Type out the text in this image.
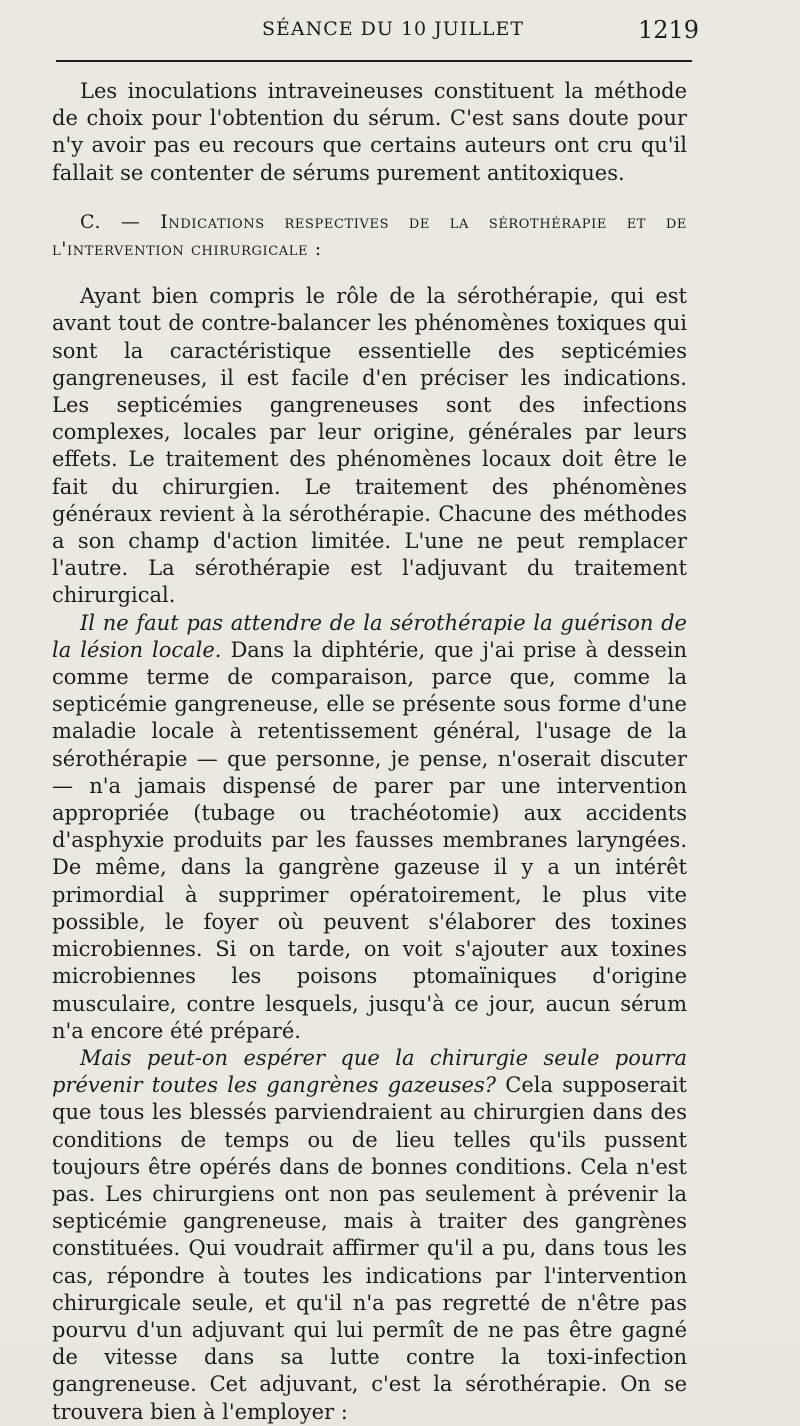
SÉANCE DU 10 JUILLET	1219

Les inoculations intraveineuses constituent la méthode de choix pour l'obtention du sérum. C'est sans doute pour n'y avoir pas eu recours que certains auteurs ont cru qu'il fallait se contenter de sérums purement antitoxiques.

C. — Indications respectives de la sérothérapie et de l'intervention chirurgicale :

Ayant bien compris le rôle de la sérothérapie, qui est avant tout de contre-balancer les phénomènes toxiques qui sont la caractéristique essentielle des septicémies gangreneuses, il est facile d'en préciser les indications. Les septicémies gangreneuses sont des infections complexes, locales par leur origine, générales par leurs effets. Le traitement des phénomènes locaux doit être le fait du chirurgien. Le traitement des phénomènes généraux revient à la sérothérapie. Chacune des méthodes a son champ d'action limitée. L'une ne peut remplacer l'autre. La sérothérapie est l'adjuvant du traitement chirurgical.

Il ne faut pas attendre de la sérothérapie la guérison de la lésion locale. Dans la diphtérie, que j'ai prise à dessein comme terme de comparaison, parce que, comme la septicémie gangreneuse, elle se présente sous forme d'une maladie locale à retentissement général, l'usage de la sérothérapie — que personne, je pense, n'oserait discuter — n'a jamais dispensé de parer par une intervention appropriée (tubage ou trachéotomie) aux accidents d'asphyxie produits par les fausses membranes laryngées. De même, dans la gangrène gazeuse il y a un intérêt primordial à supprimer opératoirement, le plus vite possible, le foyer où peuvent s'élaborer des toxines microbiennes. Si on tarde, on voit s'ajouter aux toxines microbiennes les poisons ptomaïniques d'origine musculaire, contre lesquels, jusqu'à ce jour, aucun sérum n'a encore été préparé.

Mais peut-on espérer que la chirurgie seule pourra prévenir toutes les gangrènes gazeuses? Cela supposerait que tous les blessés parviendraient au chirurgien dans des conditions de temps ou de lieu telles qu'ils pussent toujours être opérés dans de bonnes conditions. Cela n'est pas. Les chirurgiens ont non pas seulement à prévenir la septicémie gangreneuse, mais à traiter des gangrènes constituées. Qui voudrait affirmer qu'il a pu, dans tous les cas, répondre à toutes les indications par l'intervention chirurgicale seule, et qu'il n'a pas regretté de n'être pas pourvu d'un adjuvant qui lui permît de ne pas être gagné de vitesse dans sa lutte contre la toxi-infection gangreneuse. Cet adjuvant, c'est la sérothérapie. On se trouvera bien à l'employer :
